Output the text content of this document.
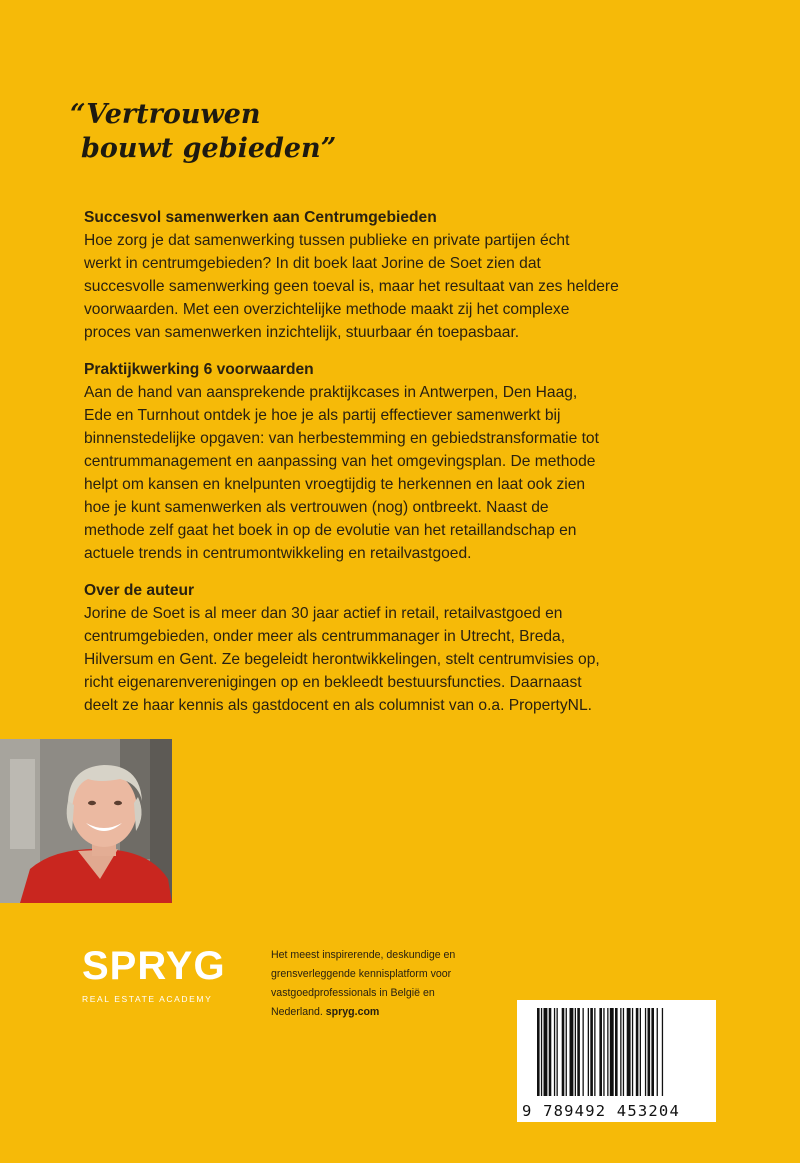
“Vertrouwen
bouwt gebieden”
Succesvol samenwerken aan Centrumgebieden

Hoe zorg je dat samenwerking tussen publieke en private partijen écht
werkt in centrumgebieden? In dit boek laat Jorine de Soet zien dat
succesvolle samenwerking geen toeval is, maar het resultaat van zes heldere
voorwaarden. Met een overzichtelijke methode maakt zij het complexe
proces van samenwerken inzichtelijk, stuurbaar én toepasbaar.

Praktijkwerking 6 voorwaarden

Aan de hand van aansprekende praktijkcases in Antwerpen, Den Haag,
Ede en Turnhout ontdek je hoe je als partij effectiever samenwerkt bij
binnenstedelijke opgaven: van herbestemming en gebiedstransformatie tot
centrummanagement en aanpassing van het omgevingsplan. De methode
helpt om kansen en knelpunten vroegtijdig te herkennen en laat ook zien
hoe je kunt samenwerken als vertrouwen (nog) ontbreekt. Naast de
methode zelf gaat het boek in op de evolutie van het retaillandschap en
actuele trends in centrumontwikkeling en retailvastgoed.

Over de auteur

Jorine de Soet is al meer dan 30 jaar actief in retail, retailvastgoed en
centrumgebieden, onder meer als centrummanager in Utrecht, Breda,
Hilversum en Gent. Ze begeleidt herontwikkelingen, stelt centrumvisies op,
richt eigenarenverenigingen op en bekleedt bestuursfuncties. Daarnaast
deelt ze haar kennis als gastdocent en als columnist van o.a. PropertyNL.

SPRYG
REAL ESTATE ACADEMY
Het meest inspirerende, deskundige en
grensverleggende kennisplatform voor
vastgoedprofessionals in België en
Nederland. spryg.com
9 789492 453204
